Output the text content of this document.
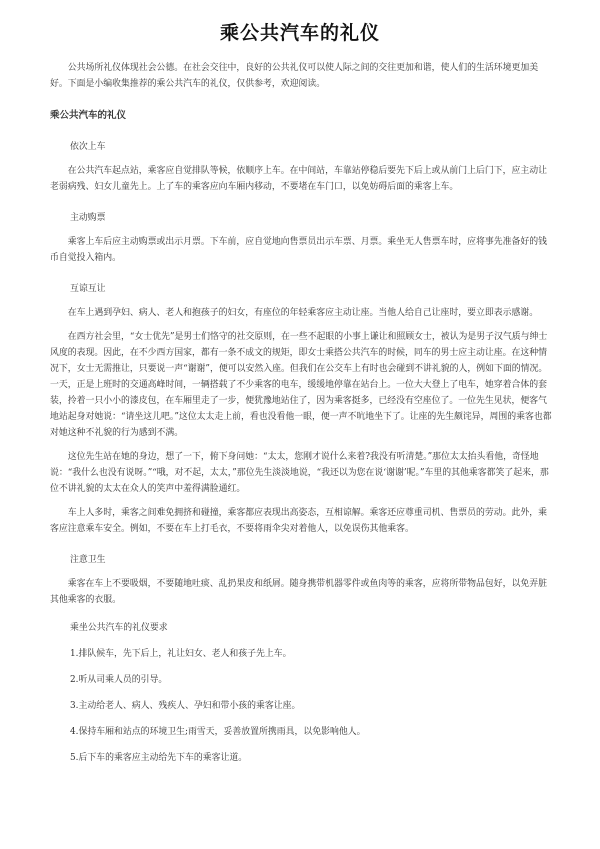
乘公共汽车的礼仪

公共场所礼仪体现社会公德。在社会交往中，良好的公共礼仪可以使人际之间的交往更加和谐，使人们的生活环境更加美好。下面是小编收集推荐的乘公共汽车的礼仪，仅供参考，欢迎阅读。

乘公共汽车的礼仪

依次上车

在公共汽车起点站，乘客应自觉排队等候，依顺序上车。在中间站，车靠站停稳后要先下后上或从前门上后门下，应主动让老弱病残、妇女儿童先上。上了车的乘客应向车厢内移动，不要堵在车门口，以免妨碍后面的乘客上车。

主动购票

乘客上车后应主动购票或出示月票。下车前，应自觉地向售票员出示车票、月票。乘坐无人售票车时，应将事先准备好的钱币自觉投入箱内。

互谅互让

在车上遇到孕妇、病人、老人和抱孩子的妇女，有座位的年轻乘客应主动让座。当他人给自己让座时，要立即表示感谢。

在西方社会里，“女士优先”是男士们恪守的社交原则，在一些不起眼的小事上谦让和照顾女士，被认为是男子汉气质与绅士风度的表现。因此，在不少西方国家，都有一条不成文的规矩，即女士乘搭公共汽车的时候，同车的男士应主动让座。在这种情况下，女士无需推让，只要说一声“谢谢”，便可以安然入座。但我们在公交车上有时也会碰到不讲礼貌的人，例如下面的情况。一天，正是上班时的交通高峰时间，一辆搭载了不少乘客的电车，缓缓地停靠在站台上。一位大大登上了电车，她穿着合体的套装，拎着一只小小的漆皮包，在车厢里走了一步，便犹豫地站住了，因为乘客挺多，已经没有空座位了。一位先生见状，便客气地站起身对她说：“请坐这儿吧。”这位太太走上前，看也没看他一眼，便一声不吭地坐下了。让座的先生颇诧异，周围的乘客也都对她这种不礼貌的行为感到不满。

这位先生站在她的身边，想了一下，俯下身问她：“太太，您刚才说什么来着?我没有听清楚。”那位太太抬头看他，奇怪地说：“我什么也没有说呀。”“哦，对不起，太太，”那位先生淡淡地说，“我还以为您在说‘谢谢’呢。”车里的其他乘客都笑了起来，那位不讲礼貌的太太在众人的笑声中羞得满脸通红。

车上人多时，乘客之间难免拥挤和碰撞，乘客都应表现出高姿态，互相谅解。乘客还应尊重司机、售票员的劳动。此外，乘客应注意乘车安全。例如，不要在车上打毛衣，不要将雨伞尖对着他人，以免误伤其他乘客。

注意卫生

乘客在车上不要吸烟，不要随地吐痰、乱扔果皮和纸屑。随身携带机器零件或鱼肉等的乘客，应将所带物品包好，以免弄脏其他乘客的衣服。

乘坐公共汽车的礼仪要求

1.排队候车，先下后上，礼让妇女、老人和孩子先上车。

2.听从司乘人员的引导。

3.主动给老人、病人、残疾人、孕妇和带小孩的乘客让座。

4.保持车厢和站点的环境卫生;雨雪天，妥善放置所携雨具，以免影响他人。

5.后下车的乘客应主动给先下车的乘客让道。
